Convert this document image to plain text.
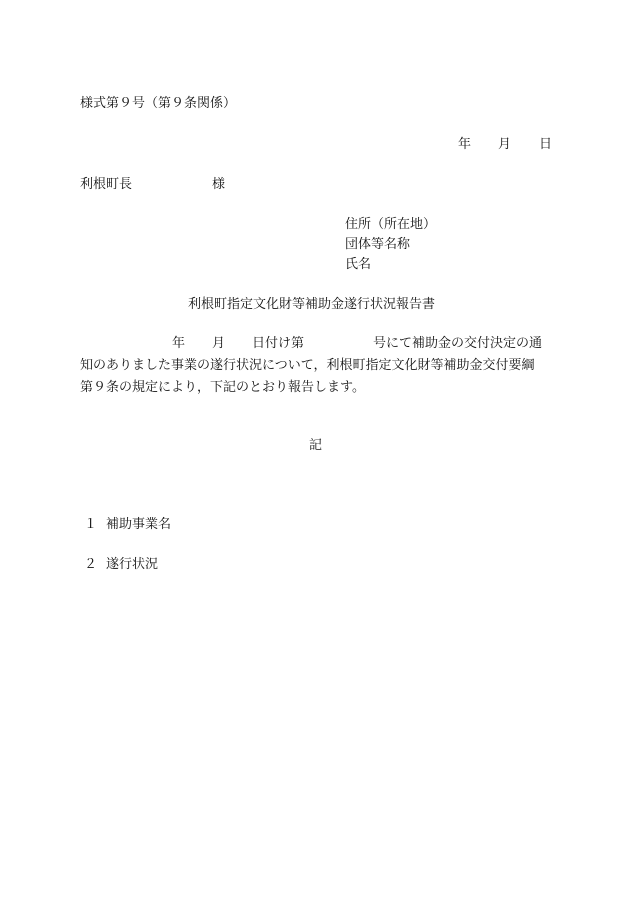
様式第９号（第９条関係）
年 月 日
利根町長	様
住所（所在地）
団体等名称
氏名
利根町指定文化財等補助金遂行状況報告書
年 月 日付け第	号にて補助金の交付決定の通
知のありました事業の遂行状況について，利根町指定文化財等補助金交付要綱
第９条の規定により，下記のとおり報告します。
記
１ 補助事業名
２ 遂行状況
